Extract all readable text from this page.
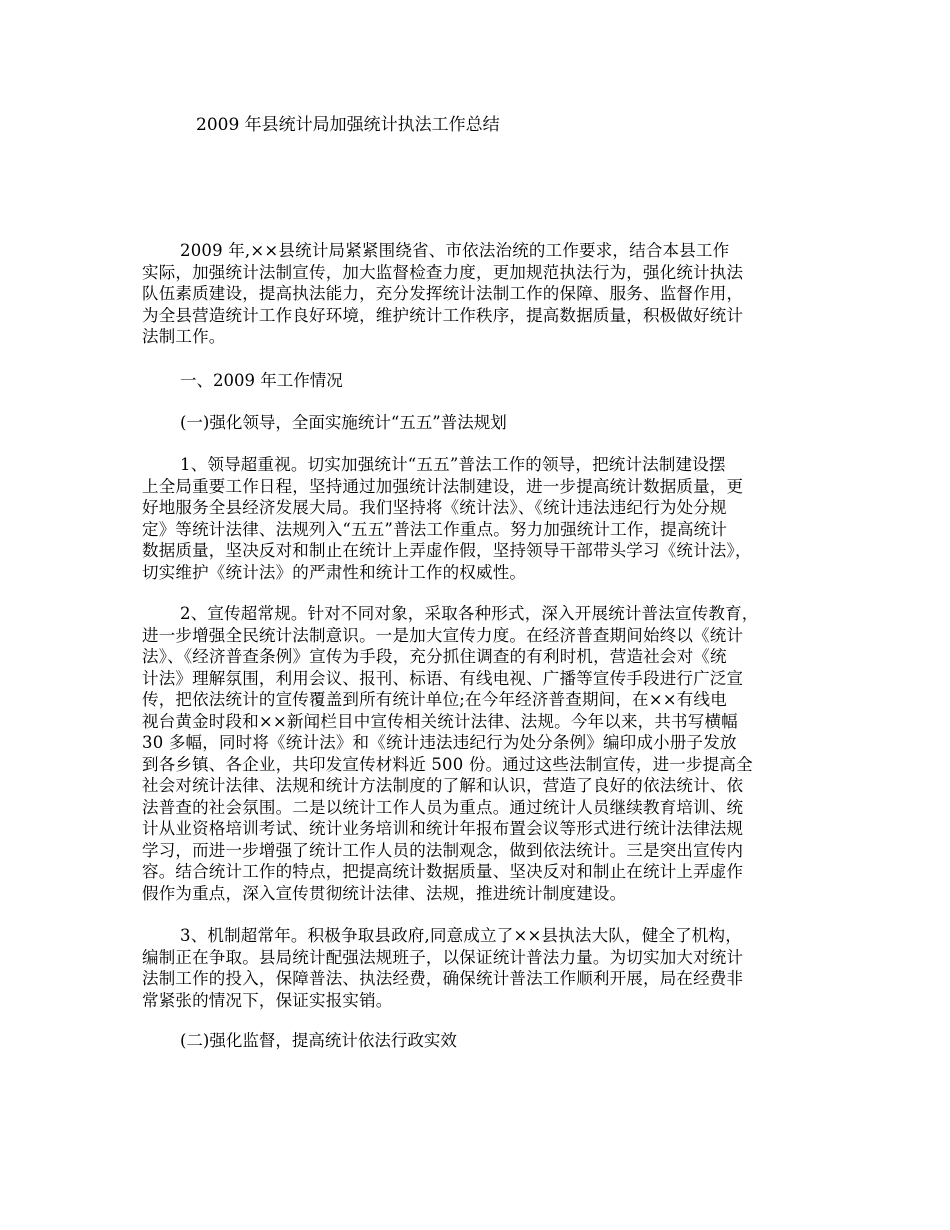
2009 年县统计局加强统计执法工作总结
2009 年,××县统计局紧紧围绕省、市依法治统的工作要求，结合本县工作
实际，加强统计法制宣传，加大监督检查力度，更加规范执法行为，强化统计执法
队伍素质建设，提高执法能力，充分发挥统计法制工作的保障、服务、监督作用，
为全县营造统计工作良好环境，维护统计工作秩序，提高数据质量，积极做好统计
法制工作。
一、2009 年工作情况
(一)强化领导，全面实施统计“五五”普法规划
1、领导超重视。切实加强统计“五五”普法工作的领导，把统计法制建设摆
上全局重要工作日程，坚持通过加强统计法制建设，进一步提高统计数据质量，更
好地服务全县经济发展大局。我们坚持将《统计法》、《统计违法违纪行为处分规
定》等统计法律、法规列入“五五”普法工作重点。努力加强统计工作，提高统计
数据质量，坚决反对和制止在统计上弄虚作假，坚持领导干部带头学习《统计法》，
切实维护《统计法》的严肃性和统计工作的权威性。
2、宣传超常规。针对不同对象，采取各种形式，深入开展统计普法宣传教育，
进一步增强全民统计法制意识。一是加大宣传力度。在经济普查期间始终以《统计
法》、《经济普查条例》宣传为手段，充分抓住调查的有利时机，营造社会对《统
计法》理解氛围，利用会议、报刊、标语、有线电视、广播等宣传手段进行广泛宣
传，把依法统计的宣传覆盖到所有统计单位;在今年经济普查期间，在××有线电
视台黄金时段和××新闻栏目中宣传相关统计法律、法规。今年以来，共书写横幅
30 多幅，同时将《统计法》和《统计违法违纪行为处分条例》编印成小册子发放
到各乡镇、各企业，共印发宣传材料近 500 份。通过这些法制宣传，进一步提高全
社会对统计法律、法规和统计方法制度的了解和认识，营造了良好的依法统计、依
法普查的社会氛围。二是以统计工作人员为重点。通过统计人员继续教育培训、统
计从业资格培训考试、统计业务培训和统计年报布置会议等形式进行统计法律法规
学习，而进一步增强了统计工作人员的法制观念，做到依法统计。三是突出宣传内
容。结合统计工作的特点，把提高统计数据质量、坚决反对和制止在统计上弄虚作
假作为重点，深入宣传贯彻统计法律、法规，推进统计制度建设。
3、机制超常年。积极争取县政府,同意成立了××县执法大队，健全了机构，
编制正在争取。县局统计配强法规班子，以保证统计普法力量。为切实加大对统计
法制工作的投入，保障普法、执法经费，确保统计普法工作顺利开展，局在经费非
常紧张的情况下，保证实报实销。
(二)强化监督，提高统计依法行政实效
